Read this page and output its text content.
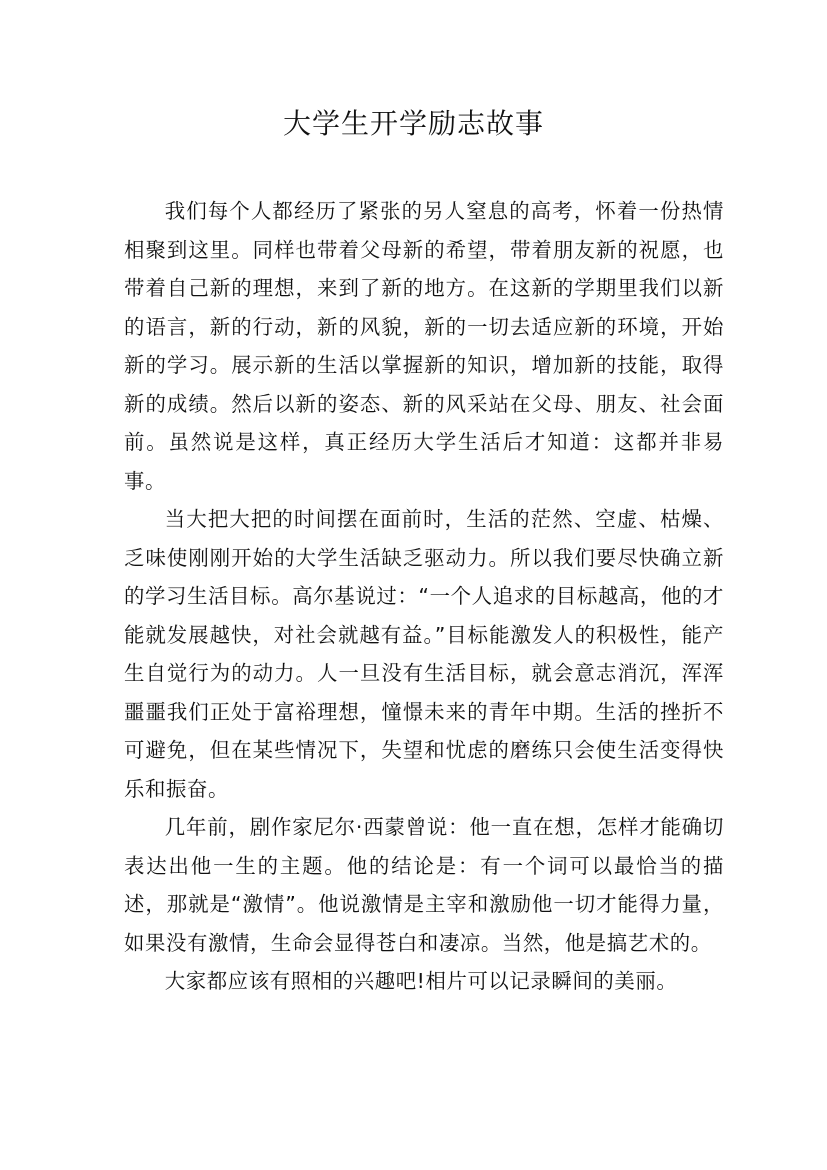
大学生开学励志故事

我们每个人都经历了紧张的另人窒息的高考，怀着一份热情相聚到这里。同样也带着父母新的希望，带着朋友新的祝愿，也带着自己新的理想，来到了新的地方。在这新的学期里我们以新的语言，新的行动，新的风貌，新的一切去适应新的环境，开始新的学习。展示新的生活以掌握新的知识，增加新的技能，取得新的成绩。然后以新的姿态、新的风采站在父母、朋友、社会面前。虽然说是这样，真正经历大学生活后才知道：这都并非易事。

当大把大把的时间摆在面前时，生活的茫然、空虚、枯燥、乏味使刚刚开始的大学生活缺乏驱动力。所以我们要尽快确立新的学习生活目标。高尔基说过：“一个人追求的目标越高，他的才能就发展越快，对社会就越有益。”目标能激发人的积极性，能产生自觉行为的动力。人一旦没有生活目标，就会意志消沉，浑浑噩噩我们正处于富裕理想，憧憬未来的青年中期。生活的挫折不可避免，但在某些情况下，失望和忧虑的磨练只会使生活变得快乐和振奋。

几年前，剧作家尼尔·西蒙曾说：他一直在想，怎样才能确切表达出他一生的主题。他的结论是：有一个词可以最恰当的描述，那就是“激情”。他说激情是主宰和激励他一切才能得力量，如果没有激情，生命会显得苍白和凄凉。当然，他是搞艺术的。

大家都应该有照相的兴趣吧!相片可以记录瞬间的美丽。
